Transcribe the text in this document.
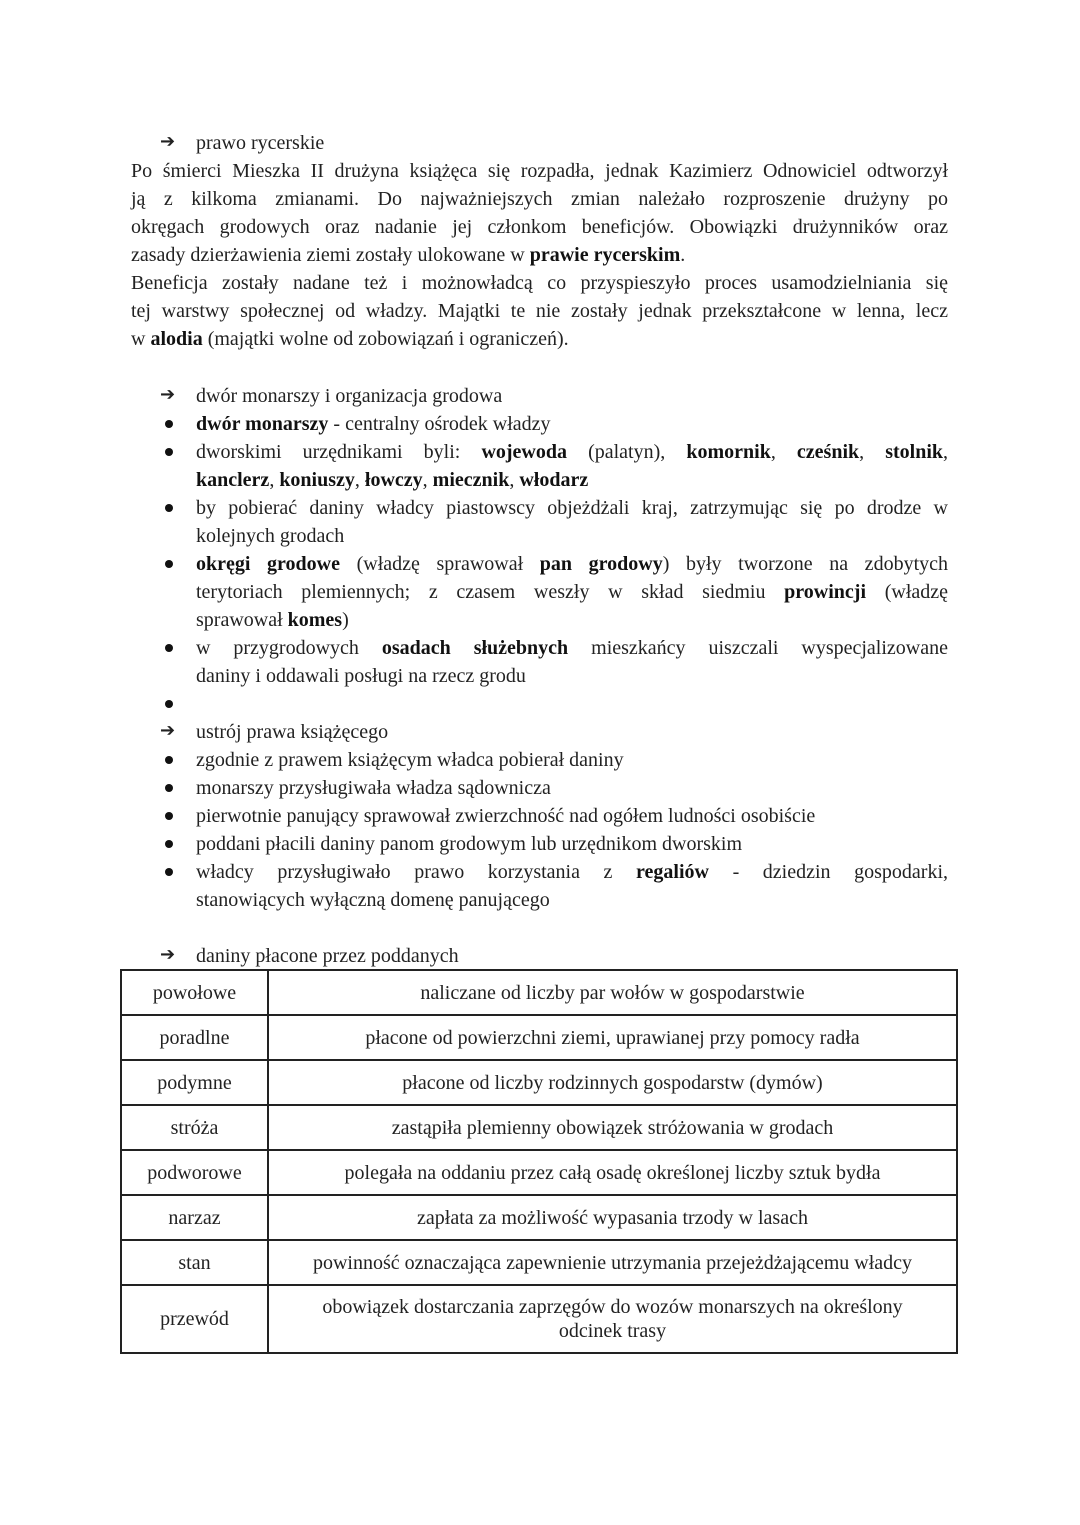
➔ prawo rycerskie
Po śmierci Mieszka II drużyna książęca się rozpadła, jednak Kazimierz Odnowiciel odtworzył
ją z kilkoma zmianami. Do najważniejszych zmian należało rozproszenie drużyny po
okręgach grodowych oraz nadanie jej członkom beneficjów. Obowiązki drużynników oraz
zasady dzierżawienia ziemi zostały ulokowane w prawie rycerskim.
Beneficja zostały nadane też i możnowładcą co przyspieszyło proces usamodzielniania się
tej warstwy społecznej od władzy. Majątki te nie zostały jednak przekształcone w lenna, lecz
w alodia (majątki wolne od zobowiązań i ograniczeń).
➔ dwór monarszy i organizacja grodowa
dwór monarszy - centralny ośrodek władzy
dworskimi urzędnikami byli: wojewoda (palatyn), komornik, cześnik, stolnik,
kanclerz, koniuszy, łowczy, miecznik, włodarz
by pobierać daniny władcy piastowscy objeżdżali kraj, zatrzymując się po drodze w
kolejnych grodach
okręgi grodowe (władzę sprawował pan grodowy) były tworzone na zdobytych
terytoriach plemiennych; z czasem weszły w skład siedmiu prowincji (władzę
sprawował komes)
w przygrodowych osadach służebnych mieszkańcy uiszczali wyspecjalizowane
daniny i oddawali posługi na rzecz grodu
➔ ustrój prawa książęcego
zgodnie z prawem książęcym władca pobierał daniny
monarszy przysługiwała władza sądownicza
pierwotnie panujący sprawował zwierzchność nad ogółem ludności osobiście
poddani płacili daniny panom grodowym lub urzędnikom dworskim
władcy przysługiwało prawo korzystania z regaliów - dziedzin gospodarki,
stanowiących wyłączną domenę panującego
➔ daniny płacone przez poddanych
powołowe	naliczane od liczby par wołów w gospodarstwie
poradlne	płacone od powierzchni ziemi, uprawianej przy pomocy radła
podymne	płacone od liczby rodzinnych gospodarstw (dymów)
stróża	zastąpiła plemienny obowiązek stróżowania w grodach
podworowe	polegała na oddaniu przez całą osadę określonej liczby sztuk bydła
narzaz	zapłata za możliwość wypasania trzody w lasach
stan	powinność oznaczająca zapewnienie utrzymania przejeżdżającemu władcy
przewód	obowiązek dostarczania zaprzęgów do wozów monarszych na określony
odcinek trasy
